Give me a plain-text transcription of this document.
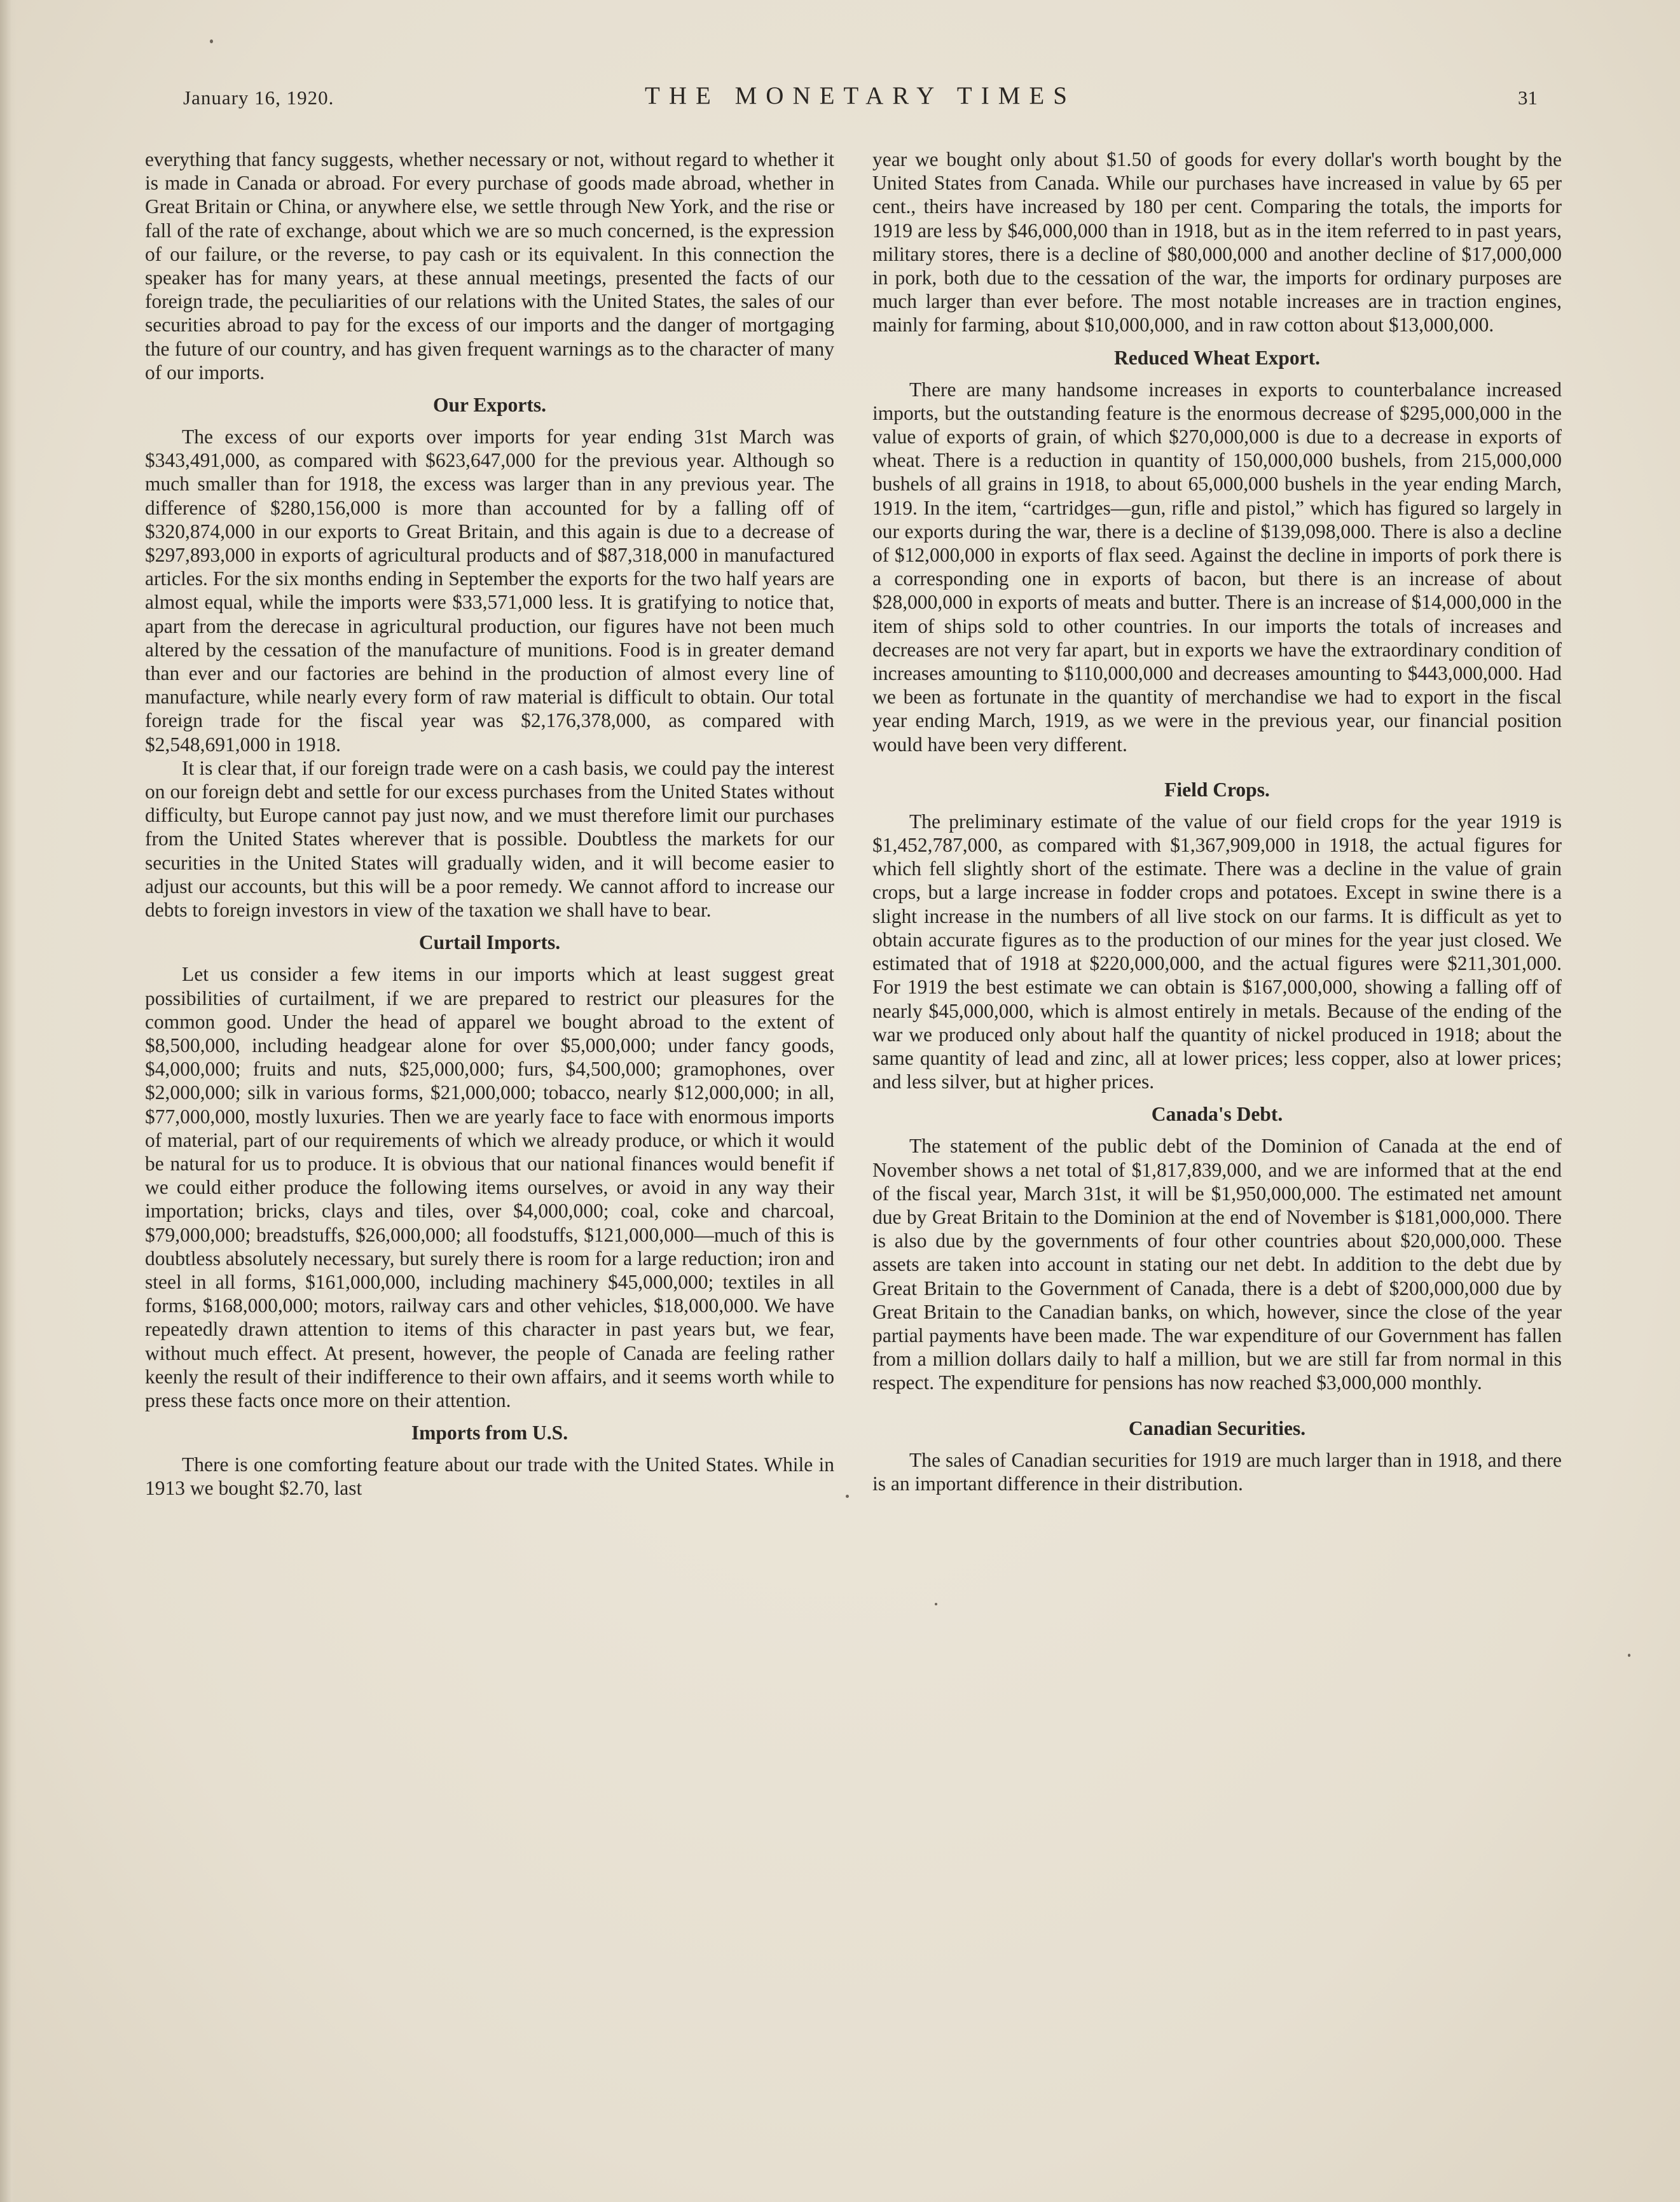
January 16, 1920.	THE MONETARY TIMES	31

everything that fancy suggests, whether necessary or not, without regard to whether it is made in Canada or abroad. For every purchase of goods made abroad, whether in Great Britain or China, or anywhere else, we settle through New York, and the rise or fall of the rate of exchange, about which we are so much concerned, is the expression of our failure, or the reverse, to pay cash or its equivalent. In this connection the speaker has for many years, at these annual meetings, presented the facts of our foreign trade, the peculiarities of our relations with the United States, the sales of our securities abroad to pay for the excess of our imports and the danger of mortgaging the future of our country, and has given frequent warnings as to the character of many of our imports.

Our Exports.

The excess of our exports over imports for year ending 31st March was $343,491,000, as compared with $623,647,000 for the previous year. Although so much smaller than for 1918, the excess was larger than in any previous year. The difference of $280,156,000 is more than accounted for by a falling off of $320,874,000 in our exports to Great Britain, and this again is due to a decrease of $297,893,000 in exports of agricultural products and of $87,318,000 in manufactured articles. For the six months ending in September the exports for the two half years are almost equal, while the imports were $33,571,000 less. It is gratifying to notice that, apart from the derecase in agricultural production, our figures have not been much altered by the cessation of the manufacture of munitions. Food is in greater demand than ever and our factories are behind in the production of almost every line of manufacture, while nearly every form of raw material is difficult to obtain. Our total foreign trade for the fiscal year was $2,176,378,000, as compared with $2,548,691,000 in 1918.

It is clear that, if our foreign trade were on a cash basis, we could pay the interest on our foreign debt and settle for our excess purchases from the United States without difficulty, but Europe cannot pay just now, and we must therefore limit our purchases from the United States wherever that is possible. Doubtless the markets for our securities in the United States will gradually widen, and it will become easier to adjust our accounts, but this will be a poor remedy. We cannot afford to increase our debts to foreign investors in view of the taxation we shall have to bear.

Curtail Imports.

Let us consider a few items in our imports which at least suggest great possibilities of curtailment, if we are prepared to restrict our pleasures for the common good. Under the head of apparel we bought abroad to the extent of $8,500,000, including headgear alone for over $5,000,000; under fancy goods, $4,000,000; fruits and nuts, $25,000,000; furs, $4,500,000; gramophones, over $2,000,000; silk in various forms, $21,000,000; tobacco, nearly $12,000,000; in all, $77,000,000, mostly luxuries. Then we are yearly face to face with enormous imports of material, part of our requirements of which we already produce, or which it would be natural for us to produce. It is obvious that our national finances would benefit if we could either produce the following items ourselves, or avoid in any way their importation; bricks, clays and tiles, over $4,000,000; coal, coke and charcoal, $79,000,000; breadstuffs, $26,000,000; all foodstuffs, $121,000,000—much of this is doubtless absolutely necessary, but surely there is room for a large reduction; iron and steel in all forms, $161,000,000, including machinery $45,000,000; textiles in all forms, $168,000,000; motors, railway cars and other vehicles, $18,000,000. We have repeatedly drawn attention to items of this character in past years but, we fear, without much effect. At present, however, the people of Canada are feeling rather keenly the result of their indifference to their own affairs, and it seems worth while to press these facts once more on their attention.

Imports from U.S.

There is one comforting feature about our trade with the United States. While in 1913 we bought $2.70, last

year we bought only about $1.50 of goods for every dollar's worth bought by the United States from Canada. While our purchases have increased in value by 65 per cent., theirs have increased by 180 per cent. Comparing the totals, the imports for 1919 are less by $46,000,000 than in 1918, but as in the item referred to in past years, military stores, there is a decline of $80,000,000 and another decline of $17,000,000 in pork, both due to the cessation of the war, the imports for ordinary purposes are much larger than ever before. The most notable increases are in traction engines, mainly for farming, about $10,000,000, and in raw cotton about $13,000,000.

Reduced Wheat Export.

There are many handsome increases in exports to counterbalance increased imports, but the outstanding feature is the enormous decrease of $295,000,000 in the value of exports of grain, of which $270,000,000 is due to a decrease in exports of wheat. There is a reduction in quantity of 150,000,000 bushels, from 215,000,000 bushels of all grains in 1918, to about 65,000,000 bushels in the year ending March, 1919. In the item, “cartridges—gun, rifle and pistol,” which has figured so largely in our exports during the war, there is a decline of $139,098,000. There is also a decline of $12,000,000 in exports of flax seed. Against the decline in imports of pork there is a corresponding one in exports of bacon, but there is an increase of about $28,000,000 in exports of meats and butter. There is an increase of $14,000,000 in the item of ships sold to other countries. In our imports the totals of increases and decreases are not very far apart, but in exports we have the extraordinary condition of increases amounting to $110,000,000 and decreases amounting to $443,000,000. Had we been as fortunate in the quantity of merchandise we had to export in the fiscal year ending March, 1919, as we were in the previous year, our financial position would have been very different.

Field Crops.

The preliminary estimate of the value of our field crops for the year 1919 is $1,452,787,000, as compared with $1,367,909,000 in 1918, the actual figures for which fell slightly short of the estimate. There was a decline in the value of grain crops, but a large increase in fodder crops and potatoes. Except in swine there is a slight increase in the numbers of all live stock on our farms. It is difficult as yet to obtain accurate figures as to the production of our mines for the year just closed. We estimated that of 1918 at $220,000,000, and the actual figures were $211,301,000. For 1919 the best estimate we can obtain is $167,000,000, showing a falling off of nearly $45,000,000, which is almost entirely in metals. Because of the ending of the war we produced only about half the quantity of nickel produced in 1918; about the same quantity of lead and zinc, all at lower prices; less copper, also at lower prices; and less silver, but at higher prices.

Canada's Debt.

The statement of the public debt of the Dominion of Canada at the end of November shows a net total of $1,817,839,000, and we are informed that at the end of the fiscal year, March 31st, it will be $1,950,000,000. The estimated net amount due by Great Britain to the Dominion at the end of November is $181,000,000. There is also due by the governments of four other countries about $20,000,000. These assets are taken into account in stating our net debt. In addition to the debt due by Great Britain to the Government of Canada, there is a debt of $200,000,000 due by Great Britain to the Canadian banks, on which, however, since the close of the year partial payments have been made. The war expenditure of our Government has fallen from a million dollars daily to half a million, but we are still far from normal in this respect. The expenditure for pensions has now reached $3,000,000 monthly.

Canadian Securities.

The sales of Canadian securities for 1919 are much larger than in 1918, and there is an important difference in their distribution.
